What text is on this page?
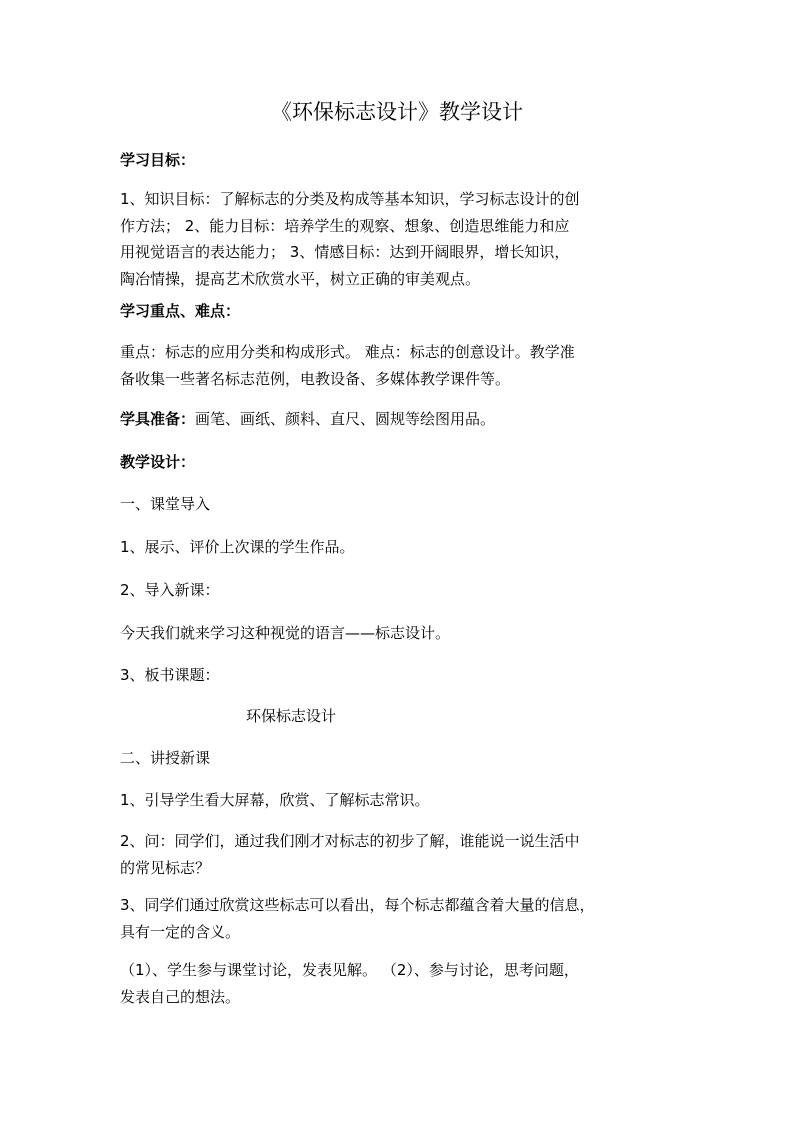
《环保标志设计》教学设计
学习目标：
1、知识目标：了解标志的分类及构成等基本知识，学习标志设计的创
作方法； 2、能力目标：培养学生的观察、想象、创造思维能力和应
用视觉语言的表达能力； 3、情感目标：达到开阔眼界，增长知识，
陶冶情操，提高艺术欣赏水平，树立正确的审美观点。
学习重点、难点：
重点：标志的应用分类和构成形式。 难点：标志的创意设计。教学准
备收集一些著名标志范例，电教设备、多媒体教学课件等。
学具准备：画笔、画纸、颜料、直尺、圆规等绘图用品。
教学设计：
一、课堂导入
1、展示、评价上次课的学生作品。
2、导入新课：
今天我们就来学习这种视觉的语言——标志设计。
3、板书课题：
环保标志设计
二、讲授新课
1、引导学生看大屏幕，欣赏、了解标志常识。
2、问：同学们，通过我们刚才对标志的初步了解，谁能说一说生活中
的常见标志？
3、同学们通过欣赏这些标志可以看出，每个标志都蕴含着大量的信息，
具有一定的含义。
（1）、学生参与课堂讨论，发表见解。 （2）、参与讨论，思考问题，
发表自己的想法。
